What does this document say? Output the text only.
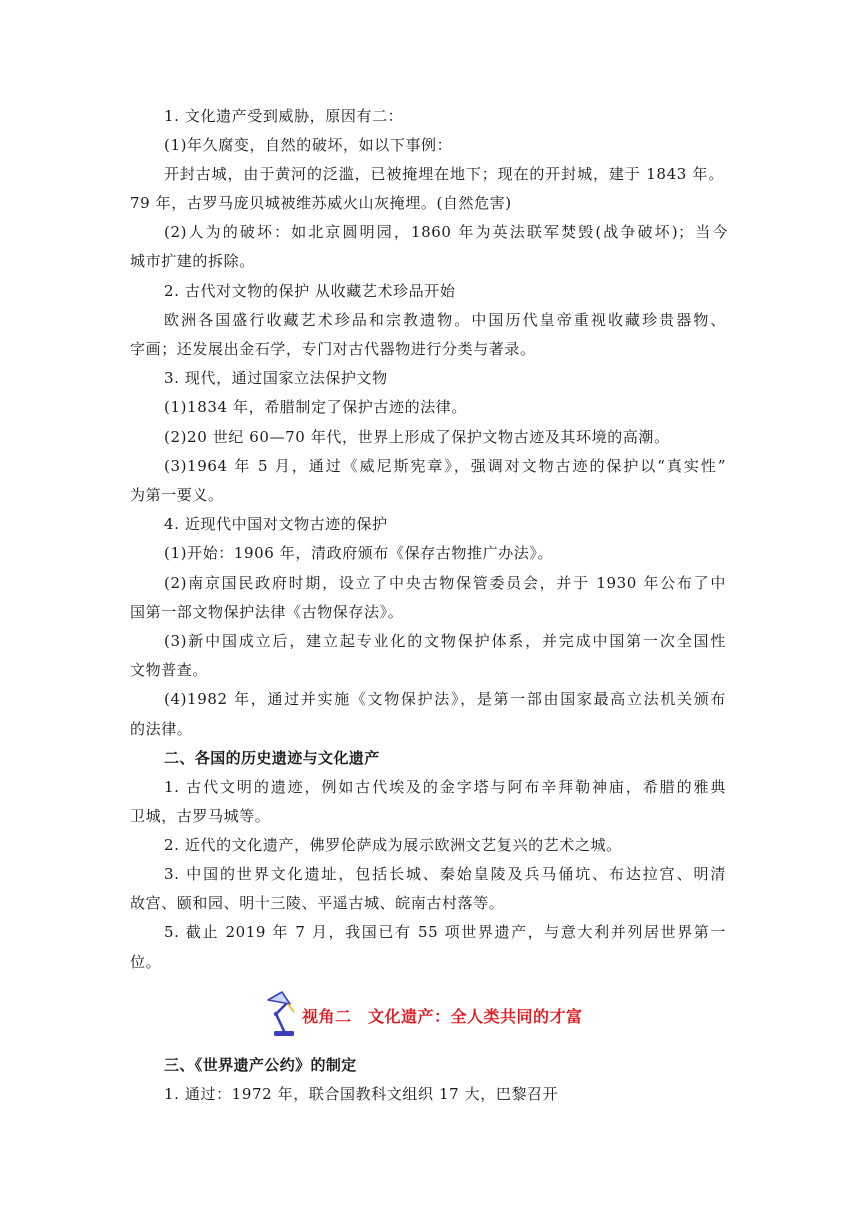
1. 文化遗产受到威胁，原因有二：
(1)年久腐变，自然的破坏，如以下事例：
开封古城，由于黄河的泛滥，已被掩埋在地下；现在的开封城，建于 1843 年。
79 年，古罗马庞贝城被维苏威火山灰掩埋。(自然危害)
(2)人为的破坏：如北京圆明园，1860 年为英法联军焚毁(战争破坏)；当今
城市扩建的拆除。
2. 古代对文物的保护 从收藏艺术珍品开始
欧洲各国盛行收藏艺术珍品和宗教遗物。中国历代皇帝重视收藏珍贵器物、
字画；还发展出金石学，专门对古代器物进行分类与著录。
3. 现代，通过国家立法保护文物
(1)1834 年，希腊制定了保护古迹的法律。
(2)20 世纪 60—70 年代，世界上形成了保护文物古迹及其环境的高潮。
(3)1964 年 5 月，通过《威尼斯宪章》，强调对文物古迹的保护以“真实性”
为第一要义。
4. 近现代中国对文物古迹的保护
(1)开始：1906 年，清政府颁布《保存古物推广办法》。
(2)南京国民政府时期，设立了中央古物保管委员会，并于 1930 年公布了中
国第一部文物保护法律《古物保存法》。
(3)新中国成立后，建立起专业化的文物保护体系，并完成中国第一次全国性
文物普查。
(4)1982 年，通过并实施《文物保护法》，是第一部由国家最高立法机关颁布
的法律。
二、各国的历史遗迹与文化遗产
1. 古代文明的遗迹，例如古代埃及的金字塔与阿布辛拜勒神庙，希腊的雅典
卫城，古罗马城等。
2. 近代的文化遗产，佛罗伦萨成为展示欧洲文艺复兴的艺术之城。
3. 中国的世界文化遗址，包括长城、秦始皇陵及兵马俑坑、布达拉宫、明清
故宫、颐和园、明十三陵、平遥古城、皖南古村落等。
5. 截止 2019 年 7 月，我国已有 55 项世界遗产，与意大利并列居世界第一
位。
视角二　文化遗产：全人类共同的才富
三、《世界遗产公约》的制定
1. 通过：1972 年，联合国教科文组织 17 大，巴黎召开
